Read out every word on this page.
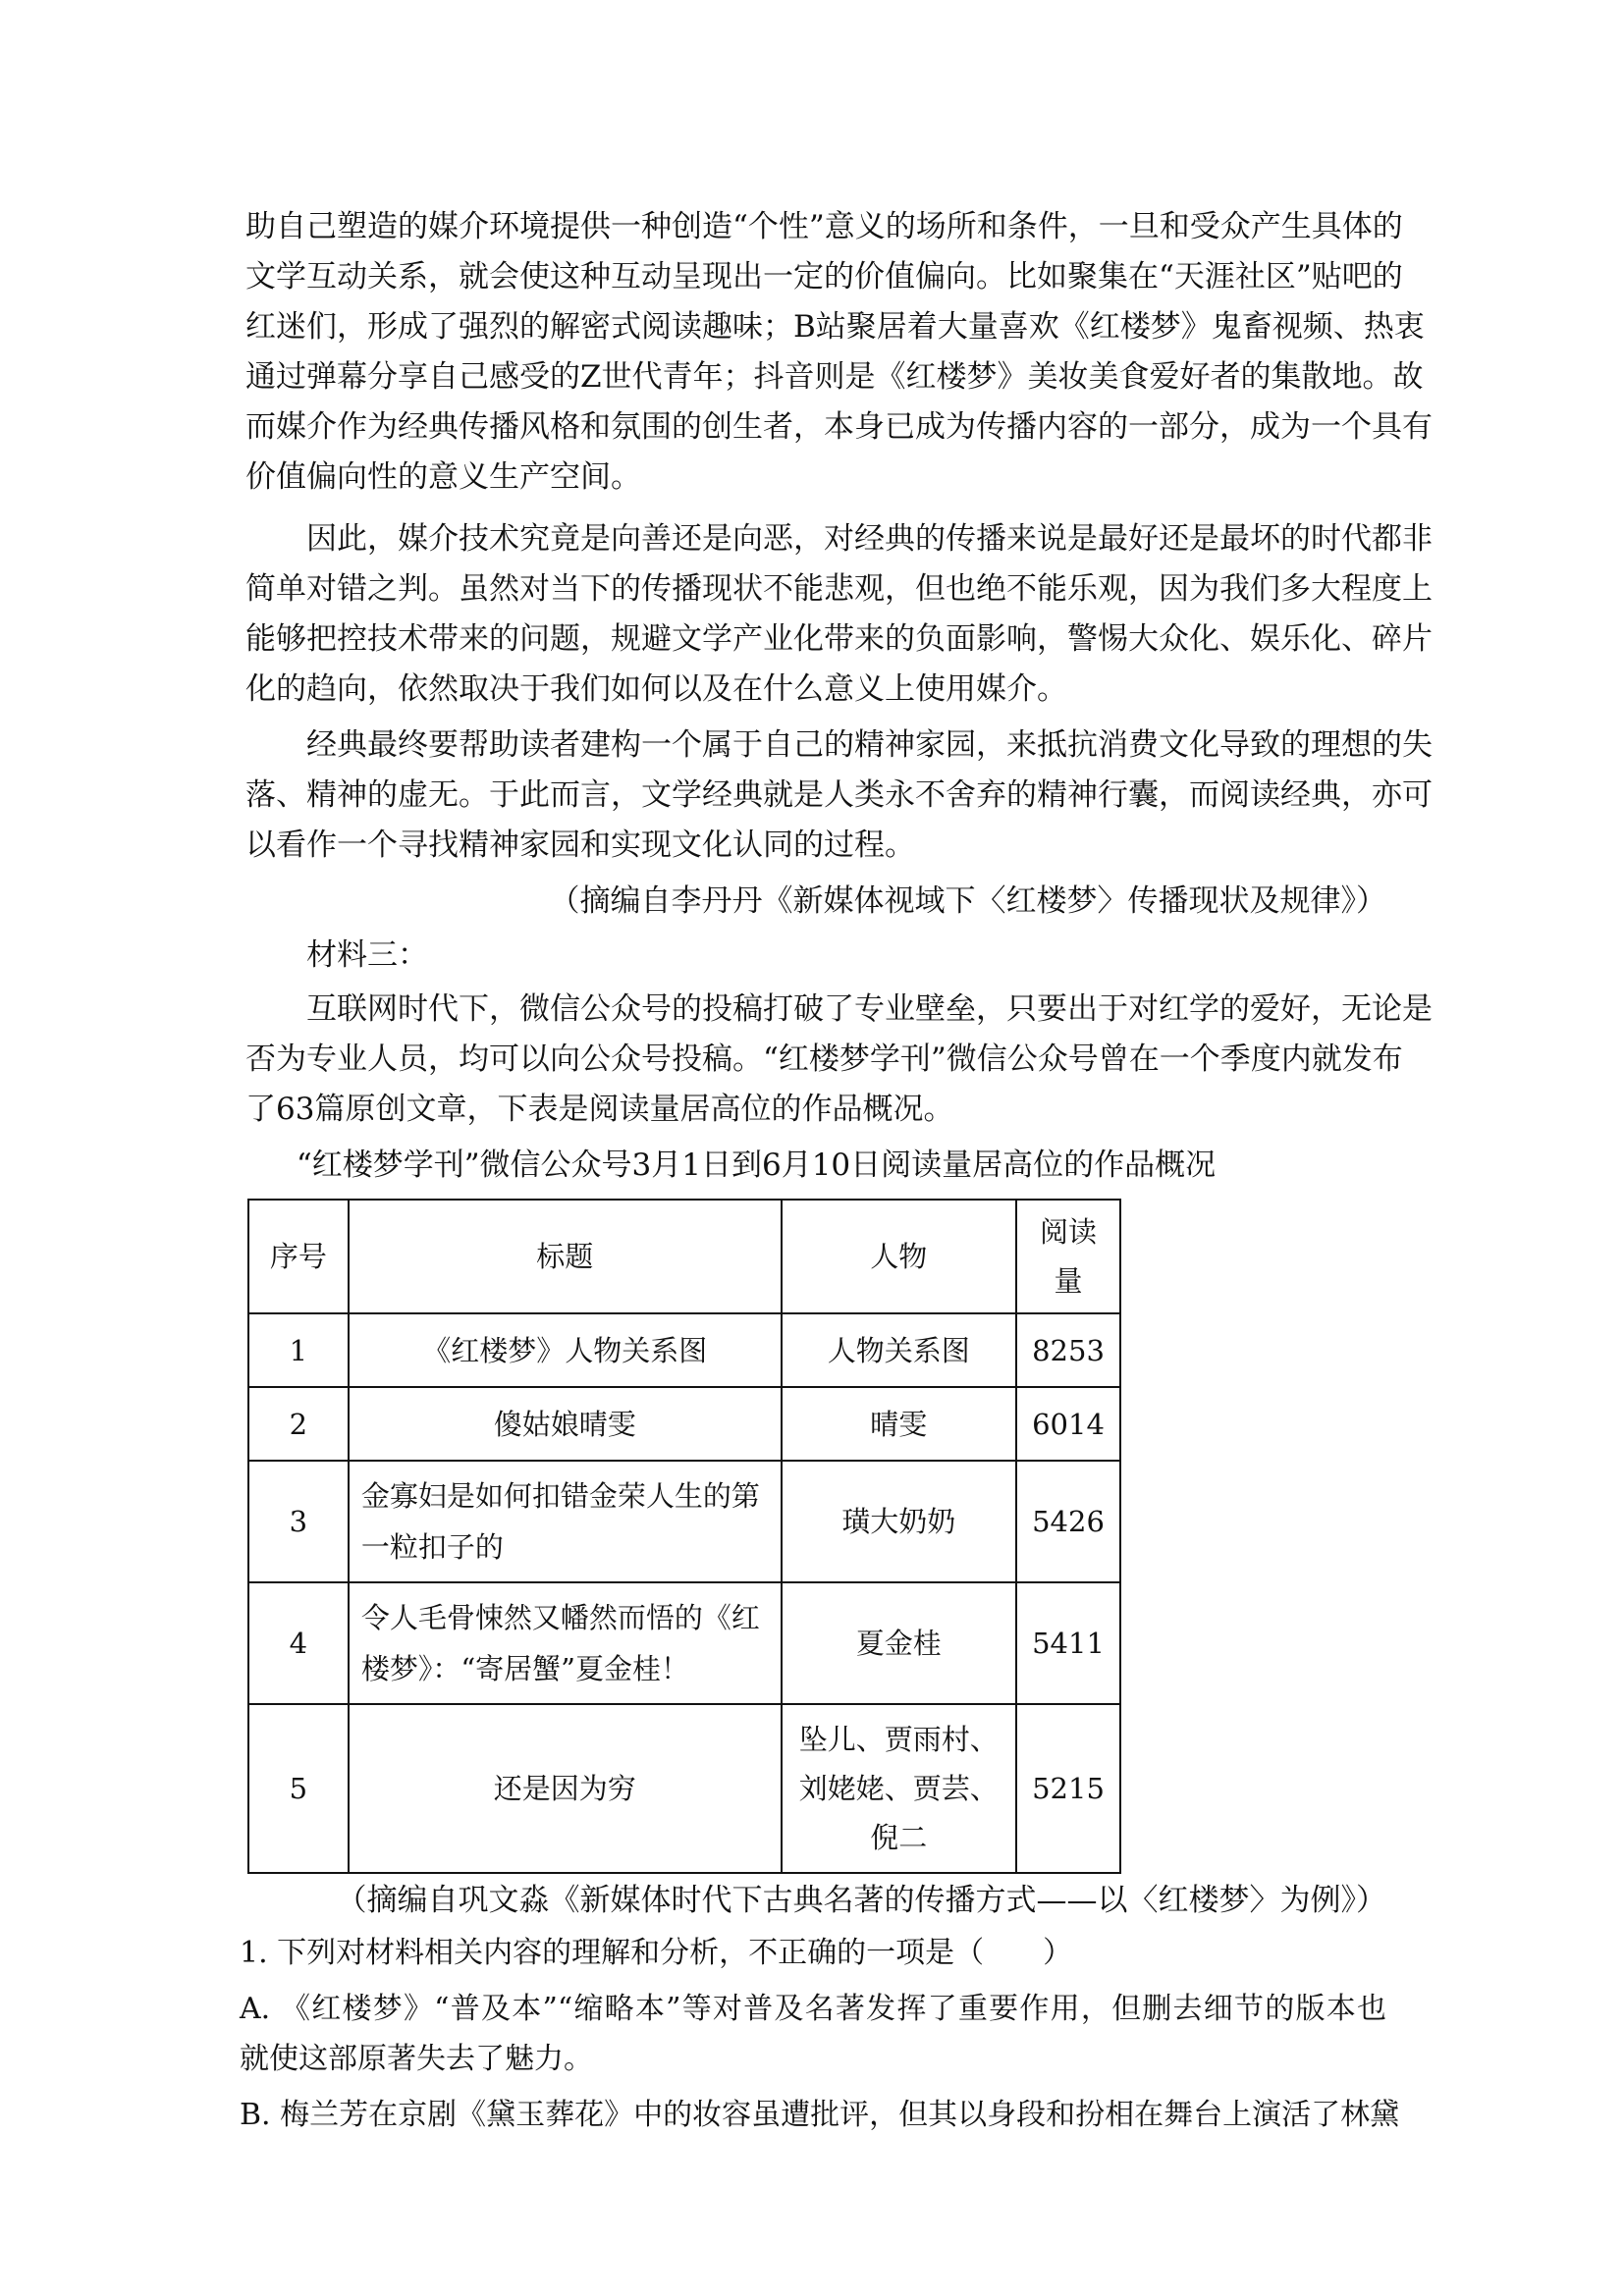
助自己塑造的媒介环境提供一种创造“个性”意义的场所和条件，一旦和受众产生具体的
文学互动关系，就会使这种互动呈现出一定的价值偏向。比如聚集在“天涯社区”贴吧的
红迷们，形成了强烈的解密式阅读趣味；B站聚居着大量喜欢《红楼梦》鬼畜视频、热衷
通过弹幕分享自己感受的Z世代青年；抖音则是《红楼梦》美妆美食爱好者的集散地。故
而媒介作为经典传播风格和氛围的创生者，本身已成为传播内容的一部分，成为一个具有
价值偏向性的意义生产空间。
因此，媒介技术究竟是向善还是向恶，对经典的传播来说是最好还是最坏的时代都非
简单对错之判。虽然对当下的传播现状不能悲观，但也绝不能乐观，因为我们多大程度上
能够把控技术带来的问题，规避文学产业化带来的负面影响，警惕大众化、娱乐化、碎片
化的趋向，依然取决于我们如何以及在什么意义上使用媒介。
经典最终要帮助读者建构一个属于自己的精神家园，来抵抗消费文化导致的理想的失
落、精神的虚无。于此而言，文学经典就是人类永不舍弃的精神行囊，而阅读经典，亦可
以看作一个寻找精神家园和实现文化认同的过程。
（摘编自李丹丹《新媒体视域下〈红楼梦〉传播现状及规律》）
材料三：
互联网时代下，微信公众号的投稿打破了专业壁垒，只要出于对红学的爱好，无论是
否为专业人员，均可以向公众号投稿。“红楼梦学刊”微信公众号曾在一个季度内就发布
了63篇原创文章，下表是阅读量居高位的作品概况。
“红楼梦学刊”微信公众号3月1日到6月10日阅读量居高位的作品概况
序号	标题	人物	阅读
量

1	《红楼梦》人物关系图	人物关系图	8253
2	傻姑娘晴雯	晴雯	6014
3	金寡妇是如何扣错金荣人生的第
一粒扣子的	璜大奶奶	5426
4	令人毛骨悚然又幡然而悟的《红
楼梦》：“寄居蟹”夏金桂！	夏金桂	5411
5	还是因为穷	坠儿、贾雨村、
刘姥姥、贾芸、
倪二	5215
（摘编自巩文淼《新媒体时代下古典名著的传播方式——以〈红楼梦〉为例》）
1. 下列对材料相关内容的理解和分析，不正确的一项是（　　）
A. 《红楼梦》“普及本”“缩略本”等对普及名著发挥了重要作用，但删去细节的版本也
就使这部原著失去了魅力。
B. 梅兰芳在京剧《黛玉葬花》中的妆容虽遭批评，但其以身段和扮相在舞台上演活了林黛
